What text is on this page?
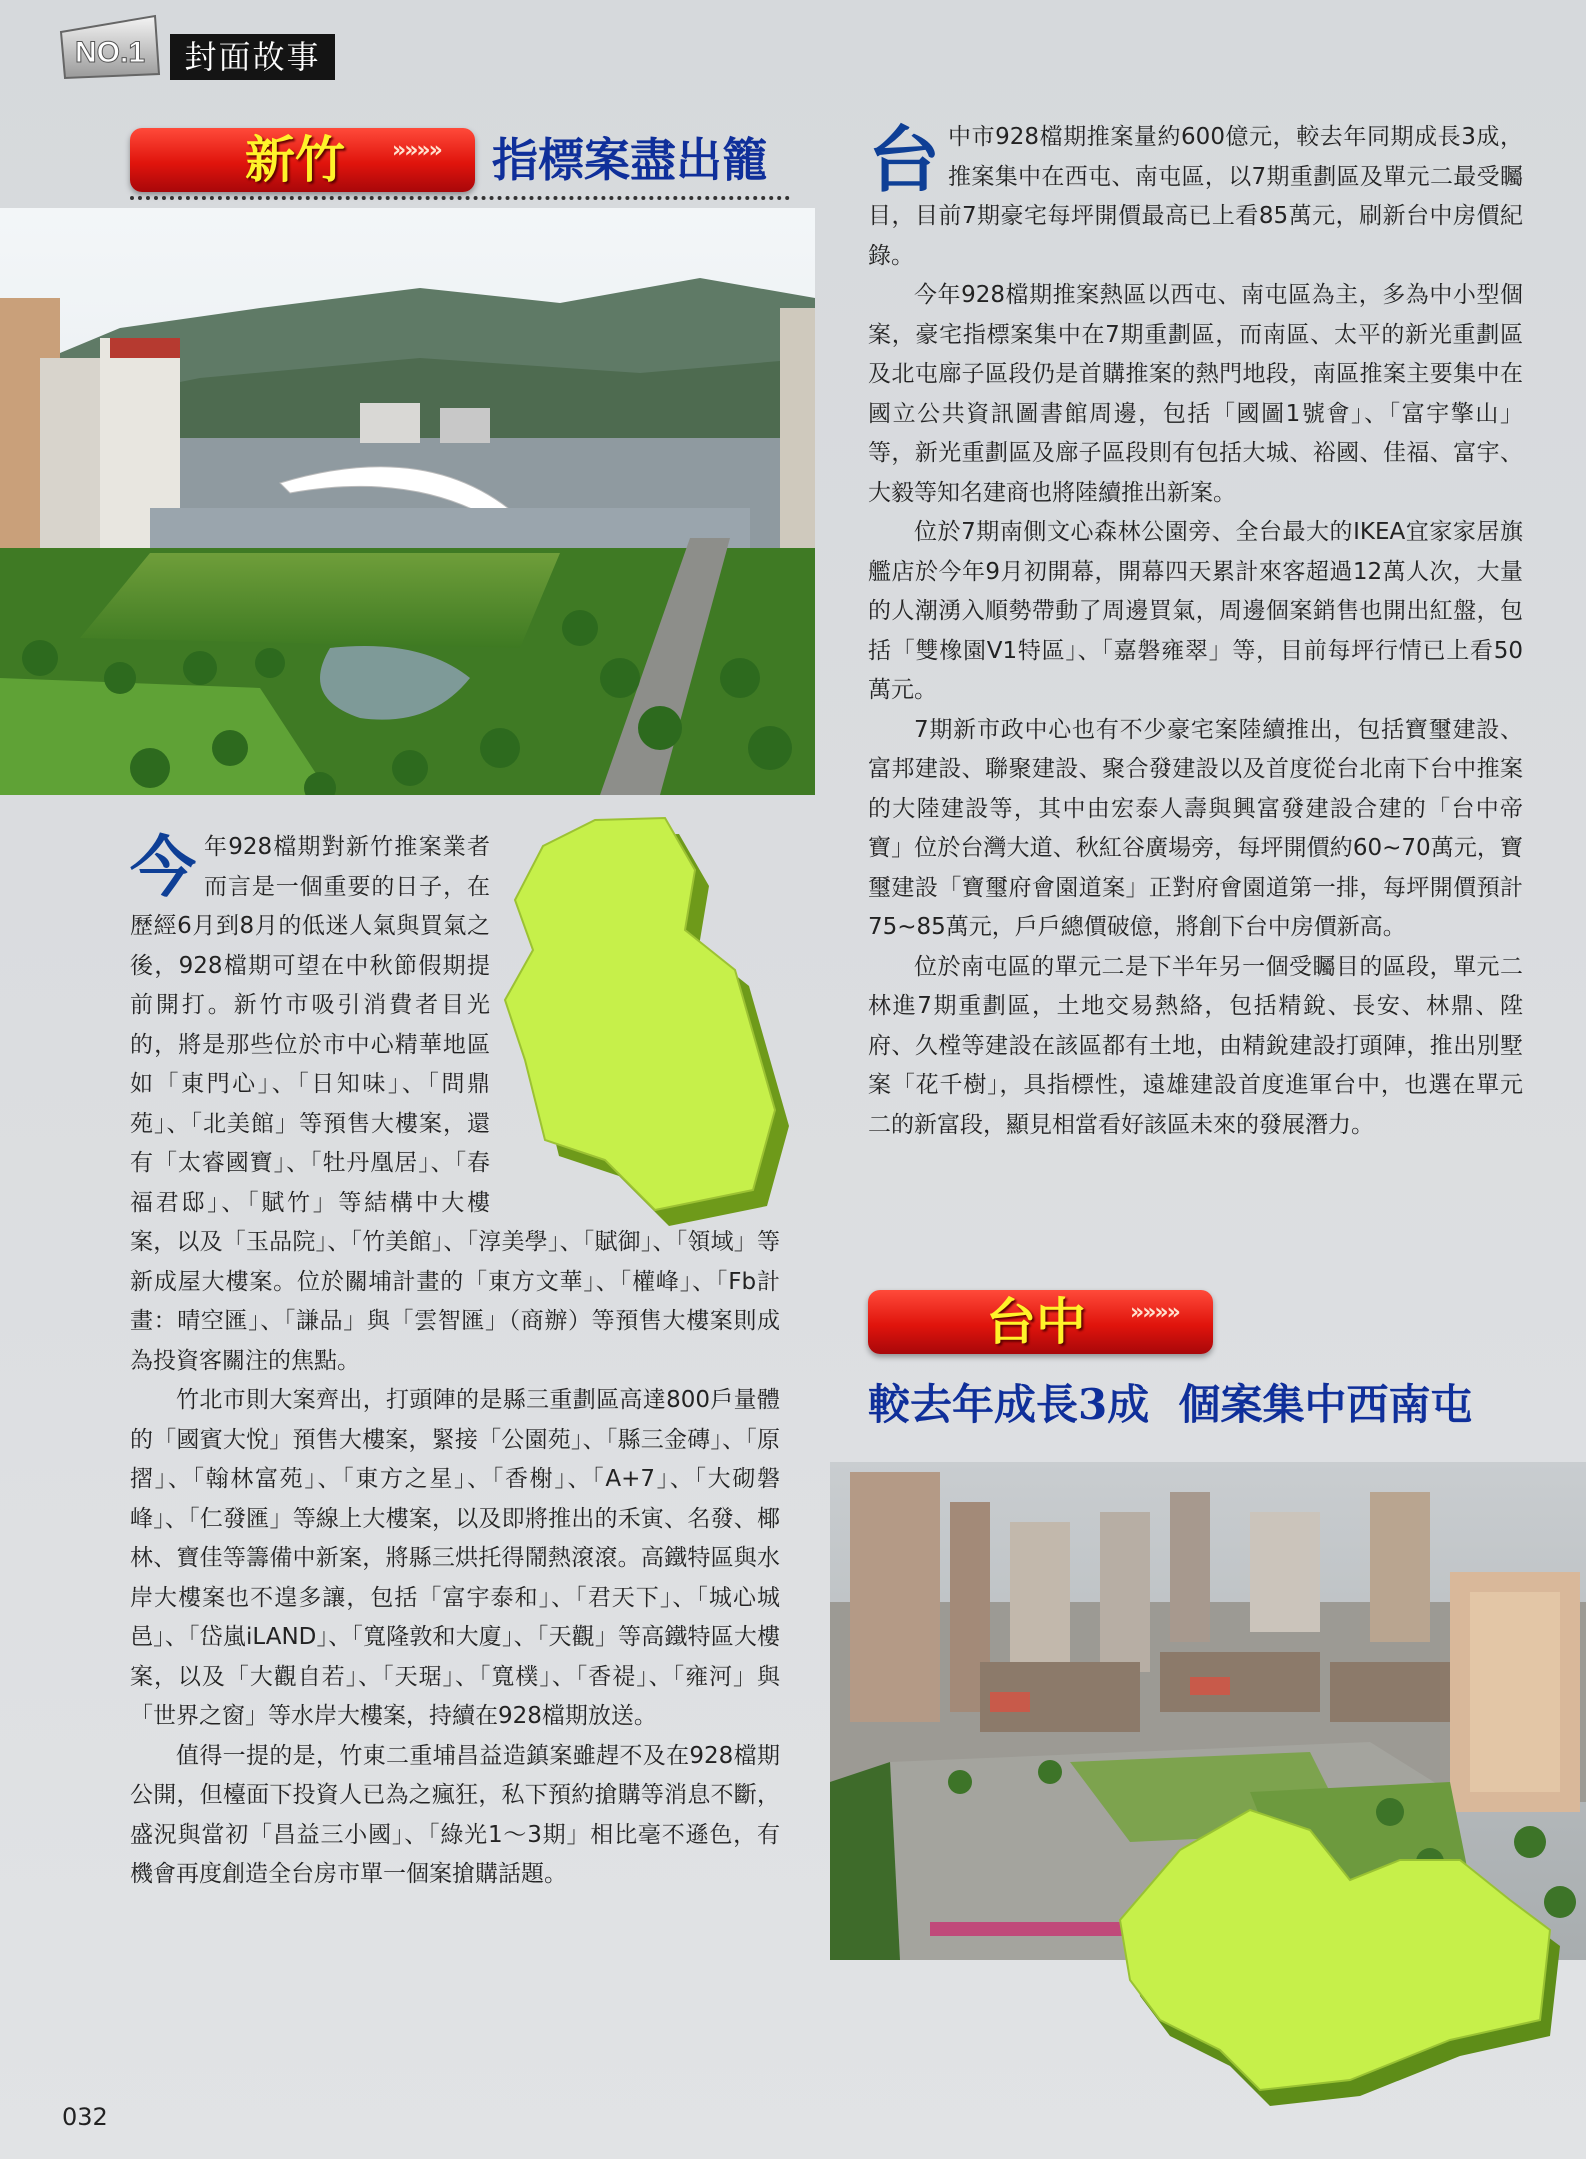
NO.1	封面故事
新竹 »»»» 指標案盡出籠
今 年928檔期對新竹推案業者而言是一個重要的日子，在歷經6月到8月的低迷人氣與買氣之後，928檔期可望在中秋節假期提前開打。新竹市吸引消費者目光的，將是那些位於市中心精華地區如「東門心」、「日知味」、「問鼎苑」、「北美館」等預售大樓案，還有「太睿國寶」、「牡丹凰居」、「春福君邸」、「賦竹」等結構中大樓案，以及「玉品院」、「竹美館」、「淳美學」、「賦御」、「領域」等新成屋大樓案。位於關埔計畫的「東方文華」、「權峰」、「Fb計畫：晴空匯」、「謙品」與「雲智匯」（商辦）等預售大樓案則成為投資客關注的焦點。

竹北市則大案齊出，打頭陣的是縣三重劃區高達800戶量體的「國賓大悅」預售大樓案，緊接「公園苑」、「縣三金磚」、「原摺」、「翰林富苑」、「東方之星」、「香榭」、「A+7」、「大砌磐峰」、「仁發匯」等線上大樓案，以及即將推出的禾寅、名發、椰林、寶佳等籌備中新案，將縣三烘托得鬧熱滾滾。高鐵特區與水岸大樓案也不遑多讓，包括「富宇泰和」、「君天下」、「城心城邑」、「岱嵐iLAND」、「寬隆敦和大廈」、「天觀」等高鐵特區大樓案，以及「大觀自若」、「天琚」、「寬樸」、「香禔」、「雍河」與「世界之窗」等水岸大樓案，持續在928檔期放送。

值得一提的是，竹東二重埔昌益造鎮案雖趕不及在928檔期公開，但檯面下投資人已為之瘋狂，私下預約搶購等消息不斷，盛況與當初「昌益三小國」、「綠光1～3期」相比毫不遜色，有機會再度創造全台房市單一個案搶購話題。

台 中市928檔期推案量約600億元，較去年同期成長3成，推案集中在西屯、南屯區，以7期重劃區及單元二最受矚目，目前7期豪宅每坪開價最高已上看85萬元，刷新台中房價紀錄。

今年928檔期推案熱區以西屯、南屯區為主，多為中小型個案，豪宅指標案集中在7期重劃區，而南區、太平的新光重劃區及北屯廍子區段仍是首購推案的熱門地段，南區推案主要集中在國立公共資訊圖書館周邊，包括「國圖1號會」、「富宇擎山」等，新光重劃區及廍子區段則有包括大城、裕國、佳福、富宇、大毅等知名建商也將陸續推出新案。

位於7期南側文心森林公園旁、全台最大的IKEA宜家家居旗艦店於今年9月初開幕，開幕四天累計來客超過12萬人次，大量的人潮湧入順勢帶動了周邊買氣，周邊個案銷售也開出紅盤，包括「雙橡園V1特區」、「嘉磐雍翠」等，目前每坪行情已上看50萬元。

7期新市政中心也有不少豪宅案陸續推出，包括寶璽建設、富邦建設、聯聚建設、聚合發建設以及首度從台北南下台中推案的大陸建設等，其中由宏泰人壽與興富發建設合建的「台中帝寶」位於台灣大道、秋紅谷廣場旁，每坪開價約60~70萬元，寶璽建設「寶璽府會園道案」正對府會園道第一排，每坪開價預計75~85萬元，戶戶總價破億，將創下台中房價新高。

位於南屯區的單元二是下半年另一個受矚目的區段，單元二林進7期重劃區，土地交易熱絡，包括精銳、長安、林鼎、陞府、久樘等建設在該區都有土地，由精銳建設打頭陣，推出別墅案「花千樹」，具指標性，遠雄建設首度進軍台中，也選在單元二的新富段，顯見相當看好該區未來的發展潛力。

台中 »»»»
較去年成長3成  個案集中西南屯
032
